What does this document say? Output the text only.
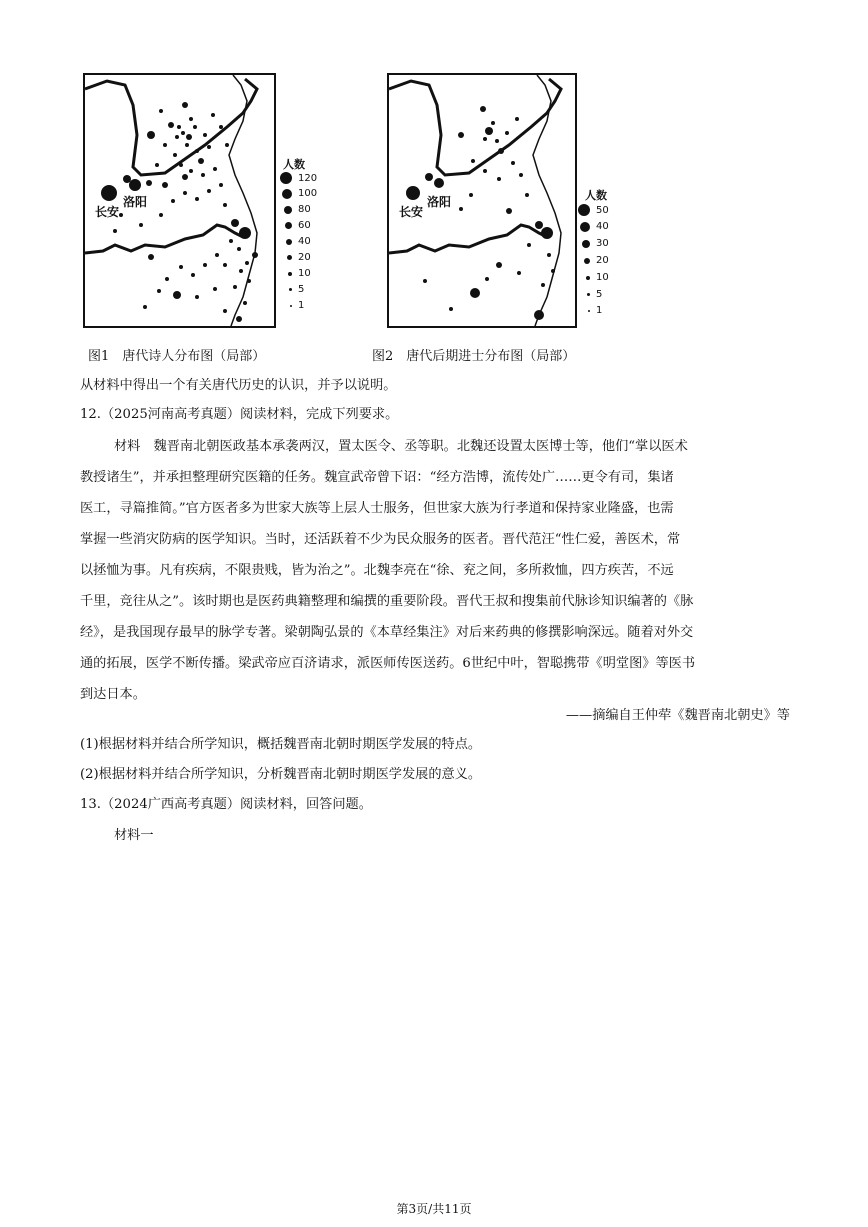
长安
洛阳
人数
120
100
80
60
40
20
10
5
1
长安
洛阳	人数
50
40
30
20
10
5
1
图1　唐代诗人分布图（局部）	图2　唐代后期进士分布图（局部）
从材料中得出一个有关唐代历史的认识，并予以说明。
12.（2025河南高考真题）阅读材料，完成下列要求。
材料　魏晋南北朝医政基本承袭两汉，置太医令、丞等职。北魏还设置太医博士等，他们“掌以医术
教授诸生”，并承担整理研究医籍的任务。魏宣武帝曾下诏：“经方浩博，流传处广……更令有司，集诸
医工，寻篇推简。”官方医者多为世家大族等上层人士服务，但世家大族为行孝道和保持家业隆盛，也需
掌握一些消灾防病的医学知识。当时，还活跃着不少为民众服务的医者。晋代范汪“性仁爱，善医术，常
以拯恤为事。凡有疾病，不限贵贱，皆为治之”。北魏李亮在“徐、兖之间，多所救恤，四方疾苦，不远
千里，竞往从之”。该时期也是医药典籍整理和编撰的重要阶段。晋代王叔和搜集前代脉诊知识编著的《脉
经》，是我国现存最早的脉学专著。梁朝陶弘景的《本草经集注》对后来药典的修撰影响深远。随着对外交
通的拓展，医学不断传播。梁武帝应百济请求，派医师传医送药。6世纪中叶，智聪携带《明堂图》等医书
到达日本。
——摘编自王仲荦《魏晋南北朝史》等
(1)根据材料并结合所学知识，概括魏晋南北朝时期医学发展的特点。
(2)根据材料并结合所学知识，分析魏晋南北朝时期医学发展的意义。
13.（2024广西高考真题）阅读材料，回答问题。
材料一
第3页/共11页
